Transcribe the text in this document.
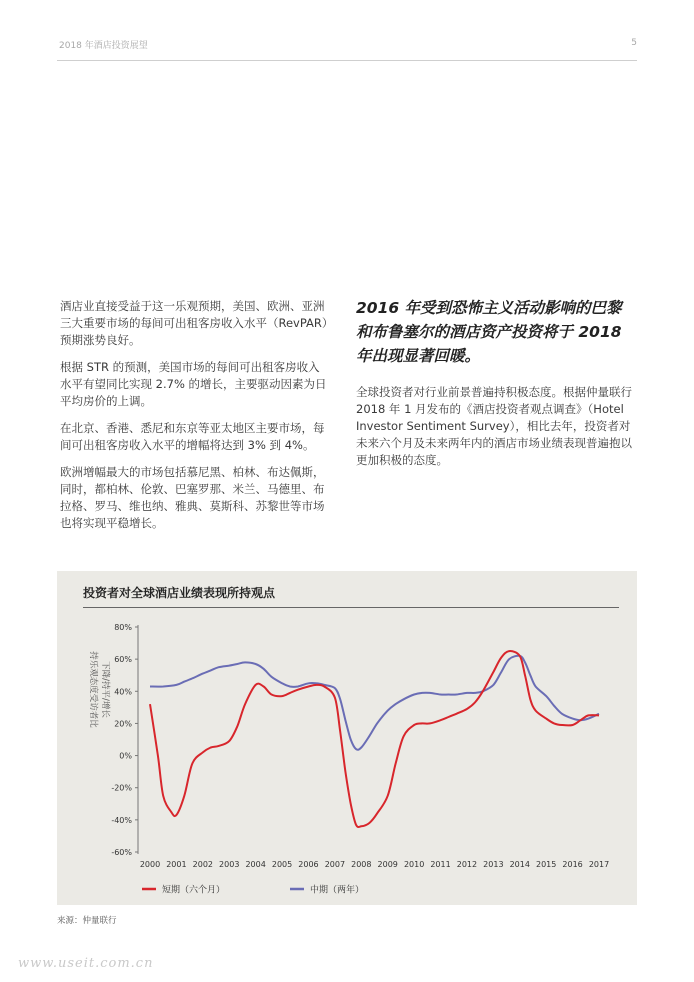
2018 年酒店投资展望	5

酒店业直接受益于这一乐观预期，美国、欧洲、亚洲三大重要市场的每间可出租客房收入水平（RevPAR）预期涨势良好。

根据 STR 的预测，美国市场的每间可出租客房收入水平有望同比实现 2.7% 的增长，主要驱动因素为日平均房价的上调。

在北京、香港、悉尼和东京等亚太地区主要市场，每间可出租客房收入水平的增幅将达到 3% 到 4%。

欧洲增幅最大的市场包括慕尼黑、柏林、布达佩斯，同时，都柏林、伦敦、巴塞罗那、米兰、马德里、布拉格、罗马、维也纳、雅典、莫斯科、苏黎世等市场也将实现平稳增长。

2016 年受到恐怖主义活动影响的巴黎和布鲁塞尔的酒店资产投资将于 2018 年出现显著回暖。

全球投资者对行业前景普遍持积极态度。根据仲量联行 2018 年 1 月发布的《酒店投资者观点调查》（Hotel Investor Sentiment Survey），相比去年，投资者对未来六个月及未来两年内的酒店市场业绩表现普遍抱以更加积极的态度。

投资者对全球酒店业绩表现所持观点
80%
60%
40%
20%
0%
-20%
-40%
-60%
2000 2001 2002 2003 2004 2005 2006 2007 2008 2009 2010 2011 2012 2013 2014 2015 2016 2017
持乐观态度受访者比 下降/持平/增长
短期（六个月）	中期（两年）
来源：仲量联行
www.useit.com.cn
